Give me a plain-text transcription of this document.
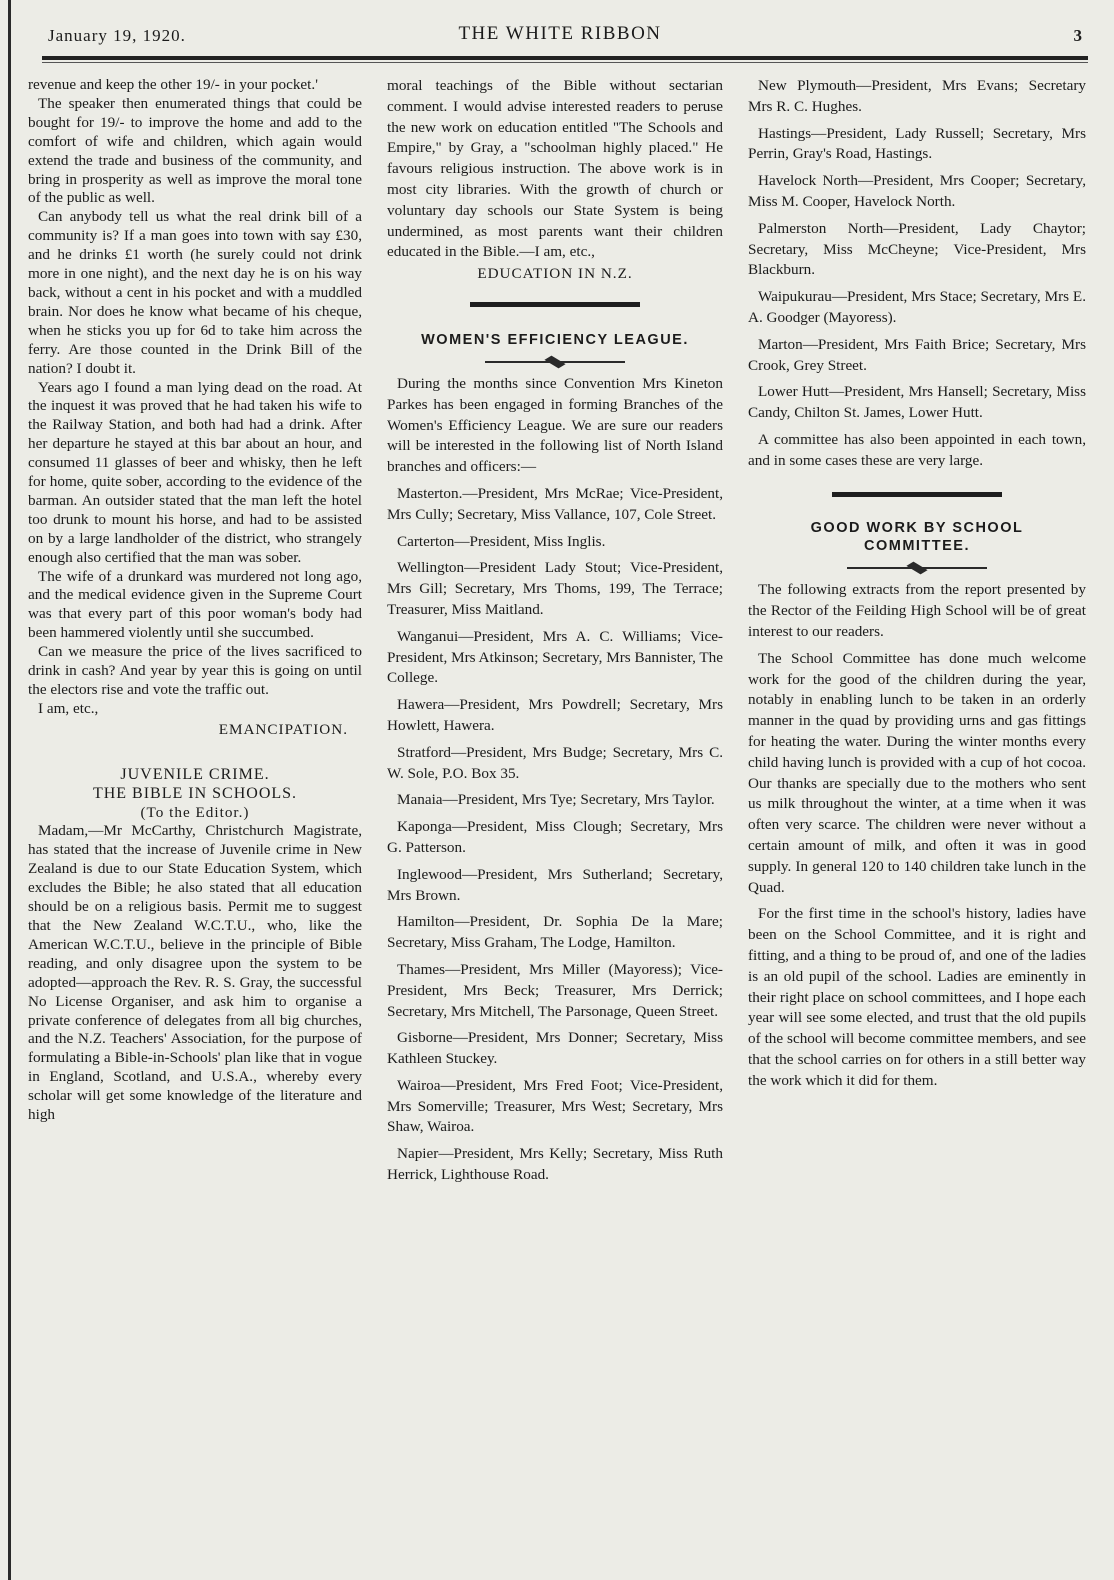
January 19, 1920.	THE WHITE RIBBON	3

revenue and keep the other 19/- in your pocket.'

The speaker then enumerated things that could be bought for 19/- to improve the home and add to the comfort of wife and children, which again would extend the trade and business of the community, and bring in prosperity as well as improve the moral tone of the public as well.

Can anybody tell us what the real drink bill of a community is? If a man goes into town with say £30, and he drinks £1 worth (he surely could not drink more in one night), and the next day he is on his way back, without a cent in his pocket and with a muddled brain. Nor does he know what became of his cheque, when he sticks you up for 6d to take him across the ferry. Are those counted in the Drink Bill of the nation? I doubt it.

Years ago I found a man lying dead on the road. At the inquest it was proved that he had taken his wife to the Railway Station, and both had had a drink. After her departure he stayed at this bar about an hour, and consumed 11 glasses of beer and whisky, then he left for home, quite sober, according to the evidence of the barman. An outsider stated that the man left the hotel too drunk to mount his horse, and had to be assisted on by a large landholder of the district, who strangely enough also certified that the man was sober.

The wife of a drunkard was murdered not long ago, and the medical evidence given in the Supreme Court was that every part of this poor woman's body had been hammered violently until she succumbed.

Can we measure the price of the lives sacrificed to drink in cash? And year by year this is going on until the electors rise and vote the traffic out.

I am, etc.,

EMANCIPATION.

JUVENILE CRIME.

THE BIBLE IN SCHOOLS.

(To the Editor.)

Madam,—Mr McCarthy, Christchurch Magistrate, has stated that the increase of Juvenile crime in New Zealand is due to our State Education System, which excludes the Bible; he also stated that all education should be on a religious basis. Permit me to suggest that the New Zealand W.C.T.U., who, like the American W.C.T.U., believe in the principle of Bible reading, and only disagree upon the system to be adopted—approach the Rev. R. S. Gray, the successful No License Organiser, and ask him to organise a private conference of delegates from all big churches, and the N.Z. Teachers' Association, for the purpose of formulating a Bible-in-Schools' plan like that in vogue in England, Scotland, and U.S.A., whereby every scholar will get some knowledge of the literature and high

moral teachings of the Bible without sectarian comment. I would advise interested readers to peruse the new work on education entitled "The Schools and Empire," by Gray, a "schoolman highly placed." He favours religious instruction. The above work is in most city libraries. With the growth of church or voluntary day schools our State System is being undermined, as most parents want their children educated in the Bible.—I am, etc.,

EDUCATION IN N.Z.

WOMEN'S EFFICIENCY LEAGUE.

During the months since Convention Mrs Kineton Parkes has been engaged in forming Branches of the Women's Efficiency League. We are sure our readers will be interested in the following list of North Island branches and officers:—

Masterton.—President, Mrs McRae; Vice-President, Mrs Cully; Secretary, Miss Vallance, 107, Cole Street.

Carterton—President, Miss Inglis.

Wellington—President Lady Stout; Vice-President, Mrs Gill; Secretary, Mrs Thoms, 199, The Terrace; Treasurer, Miss Maitland.

Wanganui—President, Mrs A. C. Williams; Vice-President, Mrs Atkinson; Secretary, Mrs Bannister, The College.

Hawera—President, Mrs Powdrell; Secretary, Mrs Howlett, Hawera.

Stratford—President, Mrs Budge; Secretary, Mrs C. W. Sole, P.O. Box 35.

Manaia—President, Mrs Tye; Secretary, Mrs Taylor.

Kaponga—President, Miss Clough; Secretary, Mrs G. Patterson.

Inglewood—President, Mrs Sutherland; Secretary, Mrs Brown.

Hamilton—President, Dr. Sophia De la Mare; Secretary, Miss Graham, The Lodge, Hamilton.

Thames—President, Mrs Miller (Mayoress); Vice-President, Mrs Beck; Treasurer, Mrs Derrick; Secretary, Mrs Mitchell, The Parsonage, Queen Street.

Gisborne—President, Mrs Donner; Secretary, Miss Kathleen Stuckey.

Wairoa—President, Mrs Fred Foot; Vice-President, Mrs Somerville; Treasurer, Mrs West; Secretary, Mrs Shaw, Wairoa.

Napier—President, Mrs Kelly; Secretary, Miss Ruth Herrick, Lighthouse Road.

New Plymouth—President, Mrs Evans; Secretary Mrs R. C. Hughes.

Hastings—President, Lady Russell; Secretary, Mrs Perrin, Gray's Road, Hastings.

Havelock North—President, Mrs Cooper; Secretary, Miss M. Cooper, Havelock North.

Palmerston North—President, Lady Chaytor; Secretary, Miss McCheyne; Vice-President, Mrs Blackburn.

Waipukurau—President, Mrs Stace; Secretary, Mrs E. A. Goodger (Mayoress).

Marton—President, Mrs Faith Brice; Secretary, Mrs Crook, Grey Street.

Lower Hutt—President, Mrs Hansell; Secretary, Miss Candy, Chilton St. James, Lower Hutt.

A committee has also been appointed in each town, and in some cases these are very large.

GOOD WORK BY SCHOOL

COMMITTEE.

The following extracts from the report presented by the Rector of the Feilding High School will be of great interest to our readers.

The School Committee has done much welcome work for the good of the children during the year, notably in enabling lunch to be taken in an orderly manner in the quad by providing urns and gas fittings for heating the water. During the winter months every child having lunch is provided with a cup of hot cocoa. Our thanks are specially due to the mothers who sent us milk throughout the winter, at a time when it was often very scarce. The children were never without a certain amount of milk, and often it was in good supply. In general 120 to 140 children take lunch in the Quad.

For the first time in the school's history, ladies have been on the School Committee, and it is right and fitting, and a thing to be proud of, and one of the ladies is an old pupil of the school. Ladies are eminently in their right place on school committees, and I hope each year will see some elected, and trust that the old pupils of the school will become committee members, and see that the school carries on for others in a still better way the work which it did for them.
